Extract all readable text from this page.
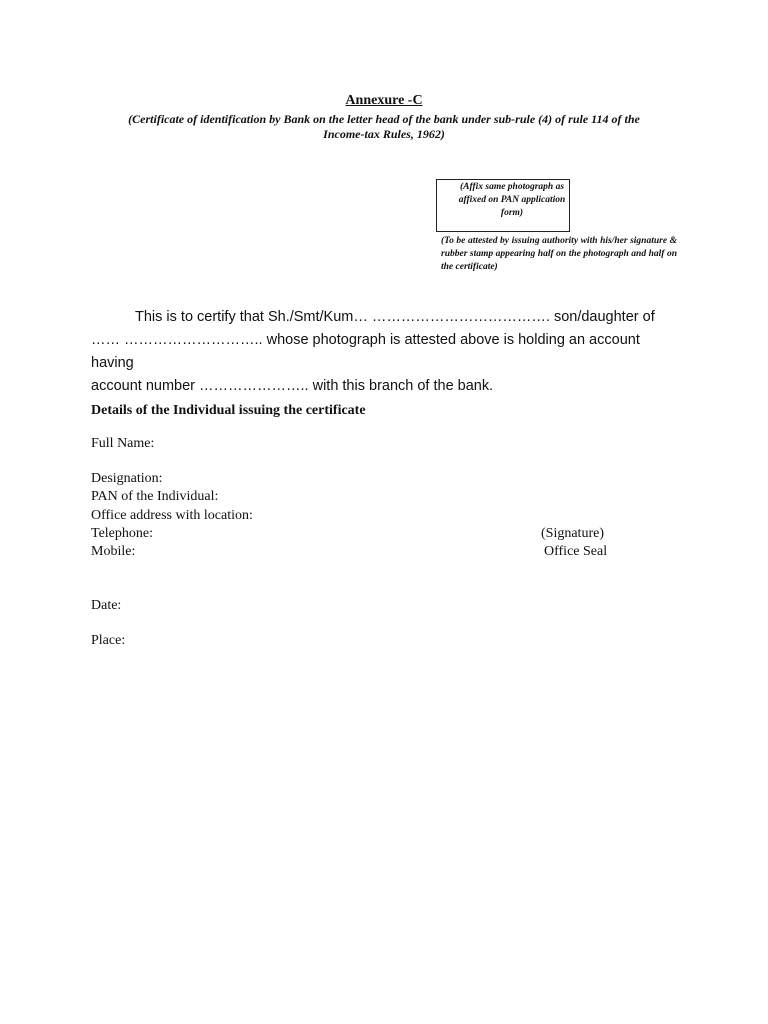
Annexure -C
(Certificate of identification by Bank on the letter head of the bank under sub-rule (4) of rule 114 of the
Income-tax Rules, 1962)
(Affix same photograph as
affixed on PAN application
form)
(To be attested by issuing authority with his/her signature & rubber stamp appearing half on the photograph and half on the certificate)
This is to certify that Sh./Smt/Kum… ………………………………. son/daughter of
…… ……………………….. whose photograph is attested above is holding an account having
account number ………………….. with this branch of the bank.
Details of the Individual issuing the certificate
Full Name:
Designation:
PAN of the Individual:
Office address with location:
Telephone:
Mobile:
(Signature)
Office Seal
Date:
Place:
